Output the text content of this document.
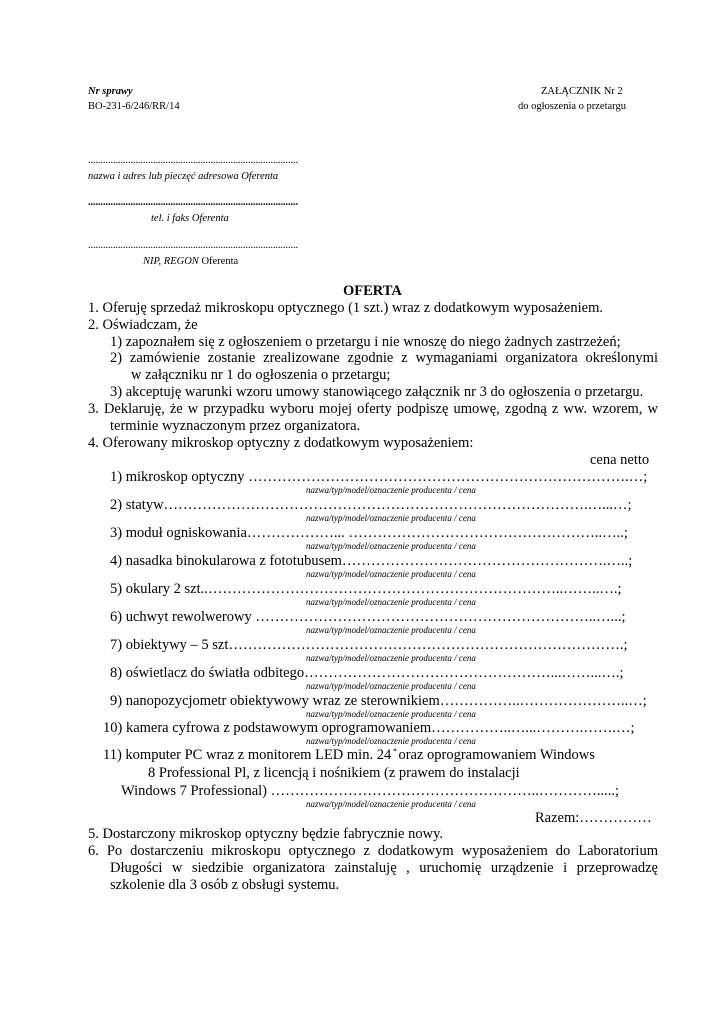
Nr sprawy
BO-231-6/246/RR/14
ZAŁĄCZNIK Nr 2
do ogłoszenia o przetargu
....................................................................................
nazwa i adres lub pieczęć adresowa Oferenta
....................................................................................
tel. i faks Oferenta
....................................................................................
NIP, REGON Oferenta
OFERTA
1. Oferuję sprzedaż mikroskopu optycznego (1 szt.) wraz z dodatkowym wyposażeniem.
2. Oświadczam, że
1) zapoznałem się z ogłoszeniem o przetargu i nie wnoszę do niego żadnych zastrzeżeń;
2) zamówienie zostanie zrealizowane zgodnie z wymaganiami organizatora określonymi
w załączniku nr 1 do ogłoszenia o przetargu;
3) akceptuję warunki wzoru umowy stanowiącego załącznik nr 3 do ogłoszenia o przetargu.
3. Deklaruję, że w przypadku wyboru mojej oferty podpiszę umowę, zgodną z ww. wzorem, w
terminie wyznaczonym przez organizatora.
4. Oferowany mikroskop optyczny z dodatkowym wyposażeniem:
cena netto
1) mikroskop optyczny …………………………………………………………………….…;
nazwa/typ/model/oznaczenie producenta / cena
2) statyw…………………………………………………………………………….…...…;
nazwa/typ/model/oznaczenie producenta / cena
3) moduł ogniskowania………………... ……………………………………………..…..;
nazwa/typ/model/oznaczenie producenta / cena
4) nasadka binokularowa z fototubusem……………………………………………….…..;
nazwa/typ/model/oznaczenie producenta / cena
5) okulary 2 szt..………………………………………………………………..……..….;
nazwa/typ/model/oznaczenie producenta / cena
6) uchwyt rewolwerowy ……………………………………………………………..…...;
nazwa/typ/model/oznaczenie producenta / cena
7) obiektywy – 5 szt……………………………………………………………………….;
nazwa/typ/model/oznaczenie producenta / cena
8) oświetlacz do światła odbitego……………………………………………...……...….;
nazwa/typ/model/oznaczenie producenta / cena
9) nanopozycjometr obiektywowy wraz ze sterownikiem……………..…………………..…;
nazwa/typ/model/oznaczenie producenta / cena
10) kamera cyfrowa z podstawowym oprogramowaniem……………..…...……….…….…;
nazwa/typ/model/oznaczenie producenta / cena
11) komputer PC wraz z monitorem LED min. 24 ̎ oraz oprogramowaniem Windows
8 Professional Pl, z licencją i nośnikiem (z prawem do instalacji
Windows 7 Professional) ………………………………………………..………….....;
nazwa/typ/model/oznaczenie producenta / cena
Razem:……………
5. Dostarczony mikroskop optyczny będzie fabrycznie nowy.
6. Po dostarczeniu mikroskopu optycznego z dodatkowym wyposażeniem do Laboratorium
Długości w siedzibie organizatora zainstaluję , uruchomię urządzenie i przeprowadzę
szkolenie dla 3 osób z obsługi systemu.
